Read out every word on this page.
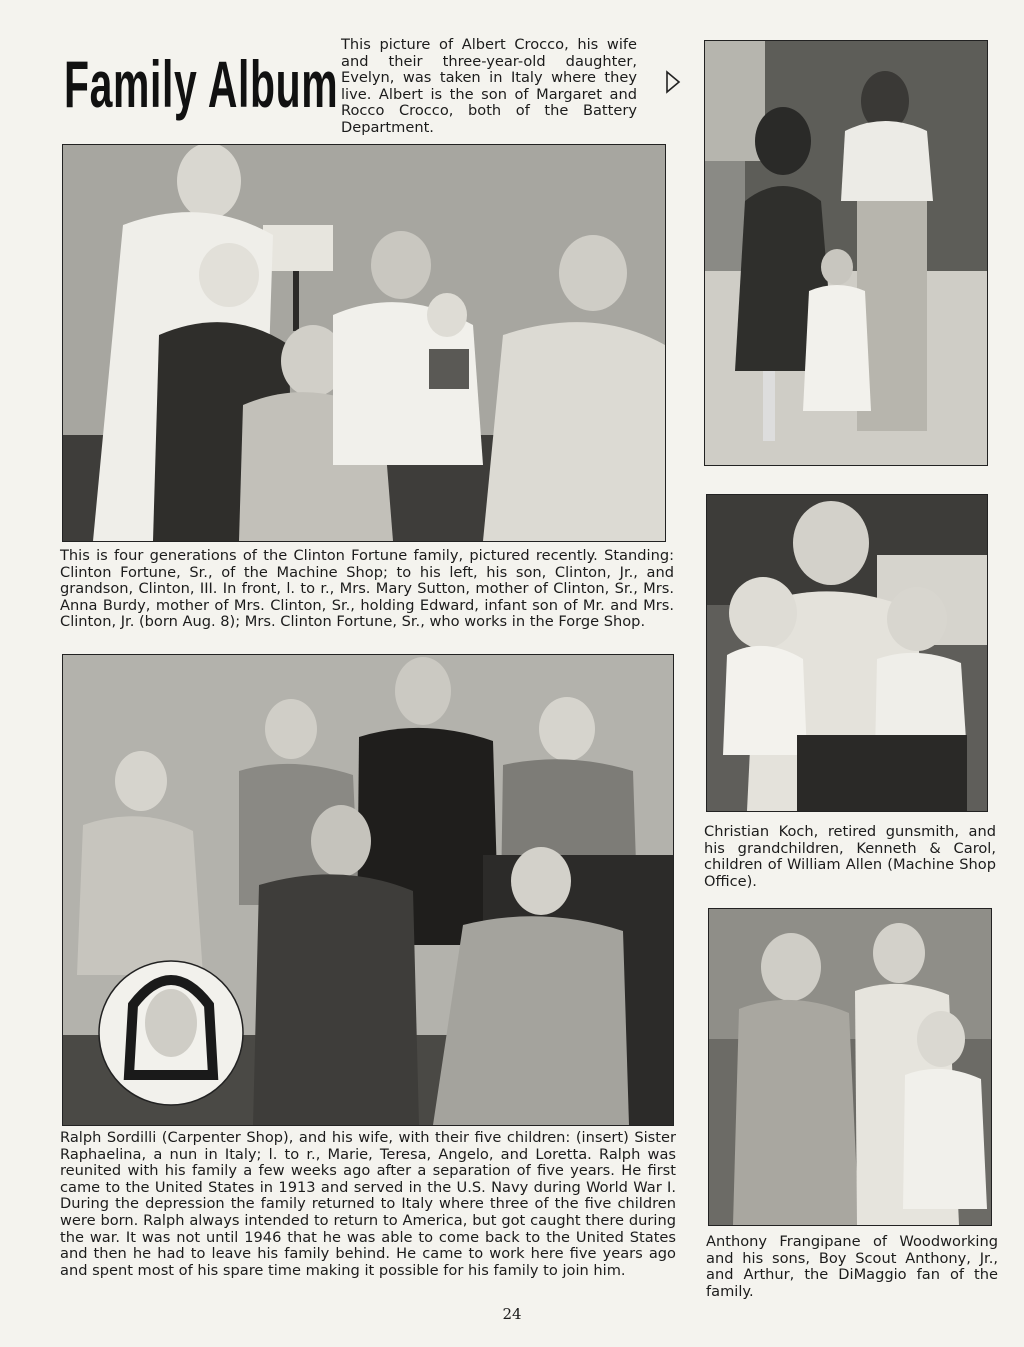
Family Album

This picture of Albert Crocco, his wife and their three-year-old daughter, Evelyn, was taken in Italy where they live. Albert is the son of Margaret and Rocco Crocco, both of the Battery Department.

This is four generations of the Clinton Fortune family, pictured recently. Standing: Clinton Fortune, Sr., of the Machine Shop; to his left, his son, Clinton, Jr., and grandson, Clinton, III. In front, l. to r., Mrs. Mary Sutton, mother of Clinton, Sr., Mrs. Anna Burdy, mother of Mrs. Clinton, Sr., holding Edward, infant son of Mr. and Mrs. Clinton, Jr. (born Aug. 8); Mrs. Clinton Fortune, Sr., who works in the Forge Shop.

Christian Koch, retired gunsmith, and his grandchildren, Kenneth & Carol, children of William Allen (Machine Shop Office).

Ralph Sordilli (Carpenter Shop), and his wife, with their five children: (insert) Sister Raphaelina, a nun in Italy; l. to r., Marie, Teresa, Angelo, and Loretta. Ralph was reunited with his family a few weeks ago after a separation of five years. He first came to the United States in 1913 and served in the U.S. Navy during World War I. During the depression the family returned to Italy where three of the five children were born. Ralph always intended to return to America, but got caught there during the war. It was not until 1946 that he was able to come back to the United States and then he had to leave his family behind. He came to work here five years ago and spent most of his spare time making it possible for his family to join him.

Anthony Frangipane of Woodworking and his sons, Boy Scout Anthony, Jr., and Arthur, the DiMaggio fan of the family.

24
